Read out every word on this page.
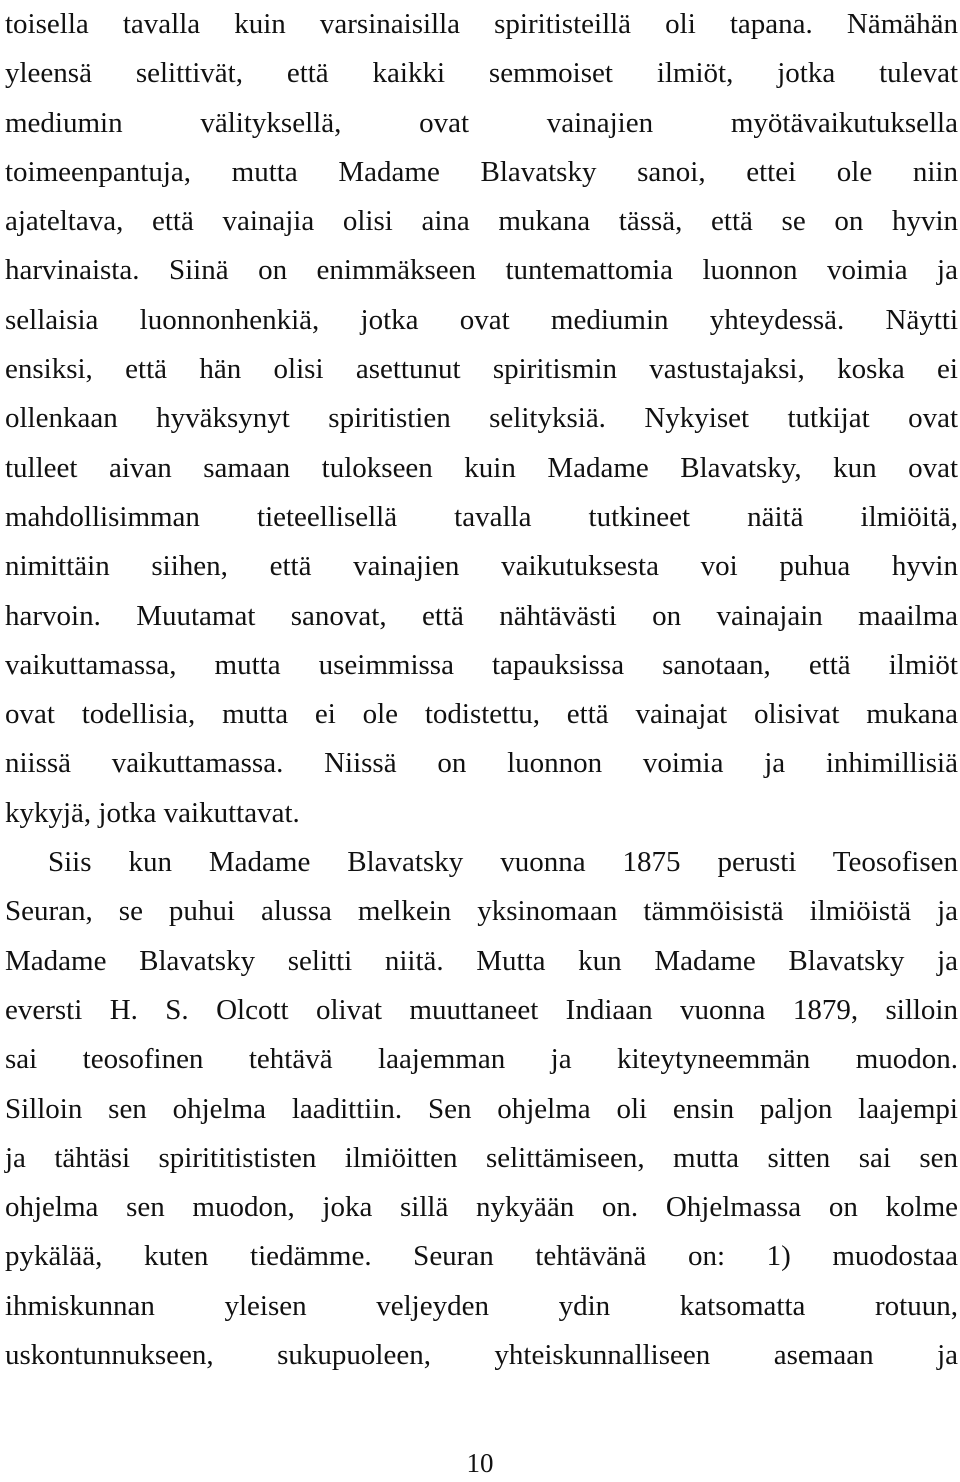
toisella tavalla kuin varsinaisilla spiritisteillä oli tapana. Nämähän
yleensä selittivät, että kaikki semmoiset ilmiöt, jotka tulevat
mediumin välityksellä, ovat vainajien myötävaikutuksella
toimeenpantuja, mutta Madame Blavatsky sanoi, ettei ole niin
ajateltava, että vainajia olisi aina mukana tässä, että se on hyvin
harvinaista. Siinä on enimmäkseen tuntemattomia luonnon voimia ja
sellaisia luonnonhenkiä, jotka ovat mediumin yhteydessä. Näytti
ensiksi, että hän olisi asettunut spiritismin vastustajaksi, koska ei
ollenkaan hyväksynyt spiritistien selityksiä. Nykyiset tutkijat ovat
tulleet aivan samaan tulokseen kuin Madame Blavatsky, kun ovat
mahdollisimman tieteellisellä tavalla tutkineet näitä ilmiöitä,
nimittäin siihen, että vainajien vaikutuksesta voi puhua hyvin
harvoin. Muutamat sanovat, että nähtävästi on vainajain maailma
vaikuttamassa, mutta useimmissa tapauksissa sanotaan, että ilmiöt
ovat todellisia, mutta ei ole todistettu, että vainajat olisivat mukana
niissä vaikuttamassa. Niissä on luonnon voimia ja inhimillisiä
kykyjä, jotka vaikuttavat.
Siis kun Madame Blavatsky vuonna 1875 perusti Teosofisen
Seuran, se puhui alussa melkein yksinomaan tämmöisistä ilmiöistä ja
Madame Blavatsky selitti niitä. Mutta kun Madame Blavatsky ja
eversti H. S. Olcott olivat muuttaneet Indiaan vuonna 1879, silloin
sai teosofinen tehtävä laajemman ja kiteytyneemmän muodon.
Silloin sen ohjelma laadittiin. Sen ohjelma oli ensin paljon laajempi
ja tähtäsi spirititististen ilmiöitten selittämiseen, mutta sitten sai sen
ohjelma sen muodon, joka sillä nykyään on. Ohjelmassa on kolme
pykälää, kuten tiedämme. Seuran tehtävänä on: 1) muodostaa
ihmiskunnan yleisen veljeyden ydin katsomatta rotuun,
uskontunnukseen, sukupuoleen, yhteiskunnalliseen asemaan ja
10
